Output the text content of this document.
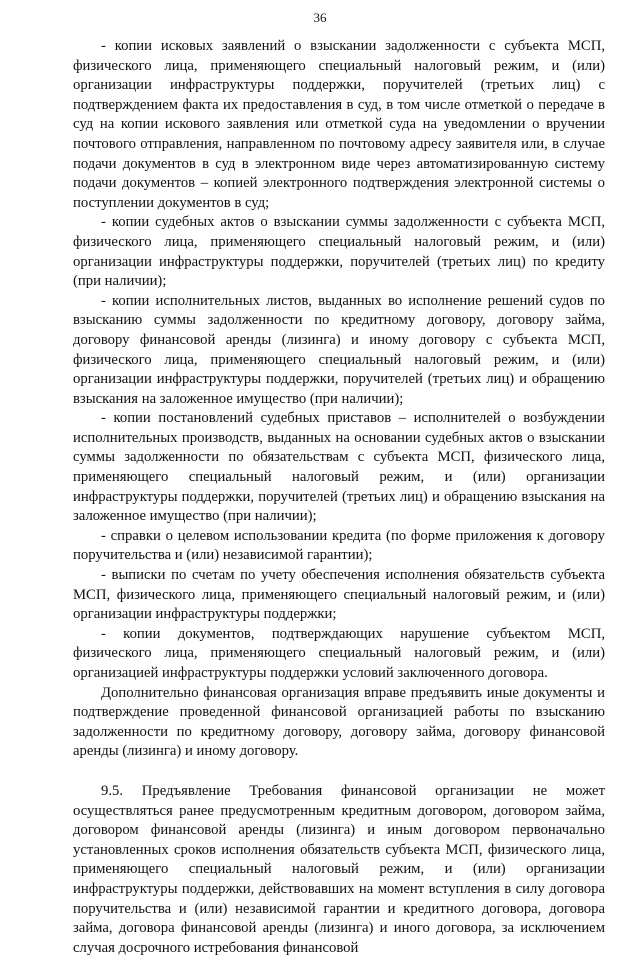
36

- копии исковых заявлений о взыскании задолженности с субъекта МСП, физического лица, применяющего специальный налоговый режим, и (или) организации инфраструктуры поддержки, поручителей (третьих лиц) с подтверждением факта их предоставления в суд, в том числе отметкой о передаче в суд на копии искового заявления или отметкой суда на уведомлении о вручении почтового отправления, направленном по почтовому адресу заявителя или, в случае подачи документов в суд в электронном виде через автоматизированную систему подачи документов – копией электронного подтверждения электронной системы о поступлении документов в суд;

- копии судебных актов о взыскании суммы задолженности с субъекта МСП, физического лица, применяющего специальный налоговый режим, и (или) организации инфраструктуры поддержки, поручителей (третьих лиц) по кредиту (при наличии);

- копии исполнительных листов, выданных во исполнение решений судов по взысканию суммы задолженности по кредитному договору, договору займа, договору финансовой аренды (лизинга) и иному договору с субъекта МСП, физического лица, применяющего специальный налоговый режим, и (или) организации инфраструктуры поддержки, поручителей (третьих лиц) и обращению взыскания на заложенное имущество (при наличии);

- копии постановлений судебных приставов – исполнителей о возбуждении исполнительных производств, выданных на основании судебных актов о взыскании суммы задолженности по обязательствам с субъекта МСП, физического лица, применяющего специальный налоговый режим, и (или) организации инфраструктуры поддержки, поручителей (третьих лиц) и обращению взыскания на заложенное имущество (при наличии);

- справки о целевом использовании кредита (по форме приложения к договору поручительства и (или) независимой гарантии);

- выписки по счетам по учету обеспечения исполнения обязательств субъекта МСП, физического лица, применяющего специальный налоговый режим, и (или) организации инфраструктуры поддержки;

- копии документов, подтверждающих нарушение субъектом МСП, физического лица, применяющего специальный налоговый режим, и (или) организацией инфраструктуры поддержки условий заключенного договора.

Дополнительно финансовая организация вправе предъявить иные документы и подтверждение проведенной финансовой организацией работы по взысканию задолженности по кредитному договору, договору займа, договору финансовой аренды (лизинга) и иному договору.

9.5. Предъявление Требования финансовой организации не может осуществляться ранее предусмотренным кредитным договором, договором займа, договором финансовой аренды (лизинга) и иным договором первоначально установленных сроков исполнения обязательств субъекта МСП, физического лица, применяющего специальный налоговый режим, и (или) организации инфраструктуры поддержки, действовавших на момент вступления в силу договора поручительства и (или) независимой гарантии и кредитного договора, договора займа, договора финансовой аренды (лизинга) и иного договора, за исключением случая досрочного истребования финансовой
